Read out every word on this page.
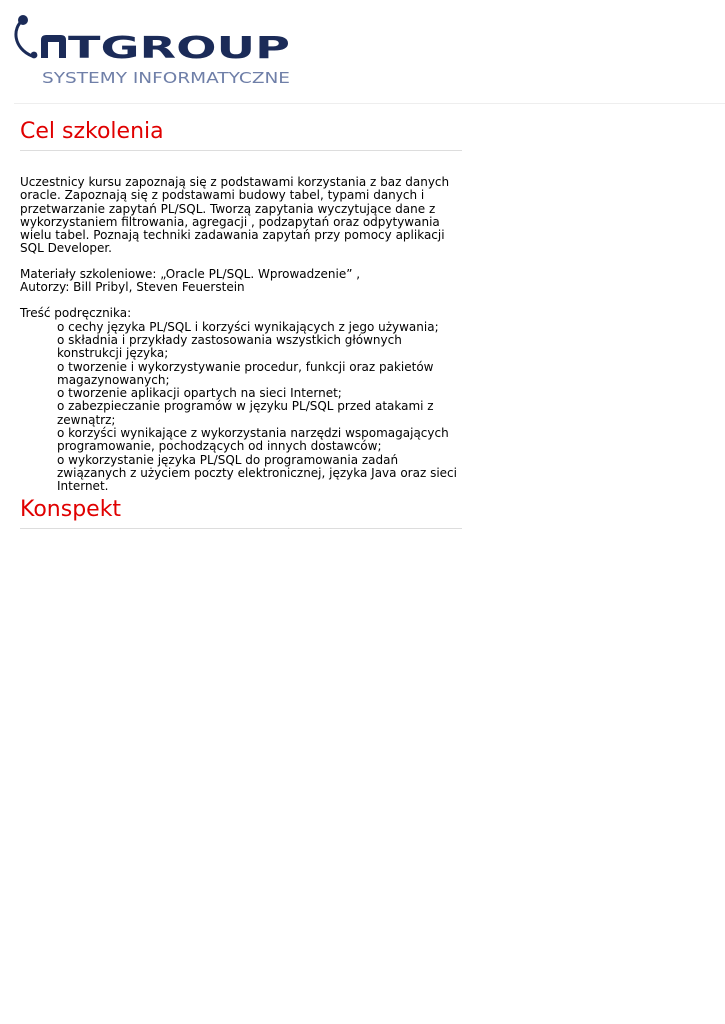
TGROUP
SYSTEMY INFORMATYCZNE
Cel szkolenia

Uczestnicy kursu zapoznają się z podstawami korzystania z baz danych oracle. Zapoznają się z podstawami budowy tabel, typami danych i przetwarzanie zapytań PL/SQL. Tworzą zapytania wyczytujące dane z wykorzystaniem filtrowania, agregacji , podzapytań oraz odpytywania wielu tabel. Poznają techniki zadawania zapytań przy pomocy aplikacji SQL Developer.

Materiały szkoleniowe: „Oracle PL/SQL. Wprowadzenie” ,
Autorzy: Bill Pribyl, Steven Feuerstein

Treść podręcznika:

o cechy języka PL/SQL i korzyści wynikających z jego używania;
o składnia i przykłady zastosowania wszystkich głównych konstrukcji języka;
o tworzenie i wykorzystywanie procedur, funkcji oraz pakietów magazynowanych;
o tworzenie aplikacji opartych na sieci Internet;
o zabezpieczanie programów w języku PL/SQL przed atakami z zewnątrz;
o korzyści wynikające z wykorzystania narzędzi wspomagających programowanie, pochodzących od innych dostawców;
o wykorzystanie języka PL/SQL do programowania zadań związanych z użyciem poczty elektronicznej, języka Java oraz sieci Internet.
Konspekt
